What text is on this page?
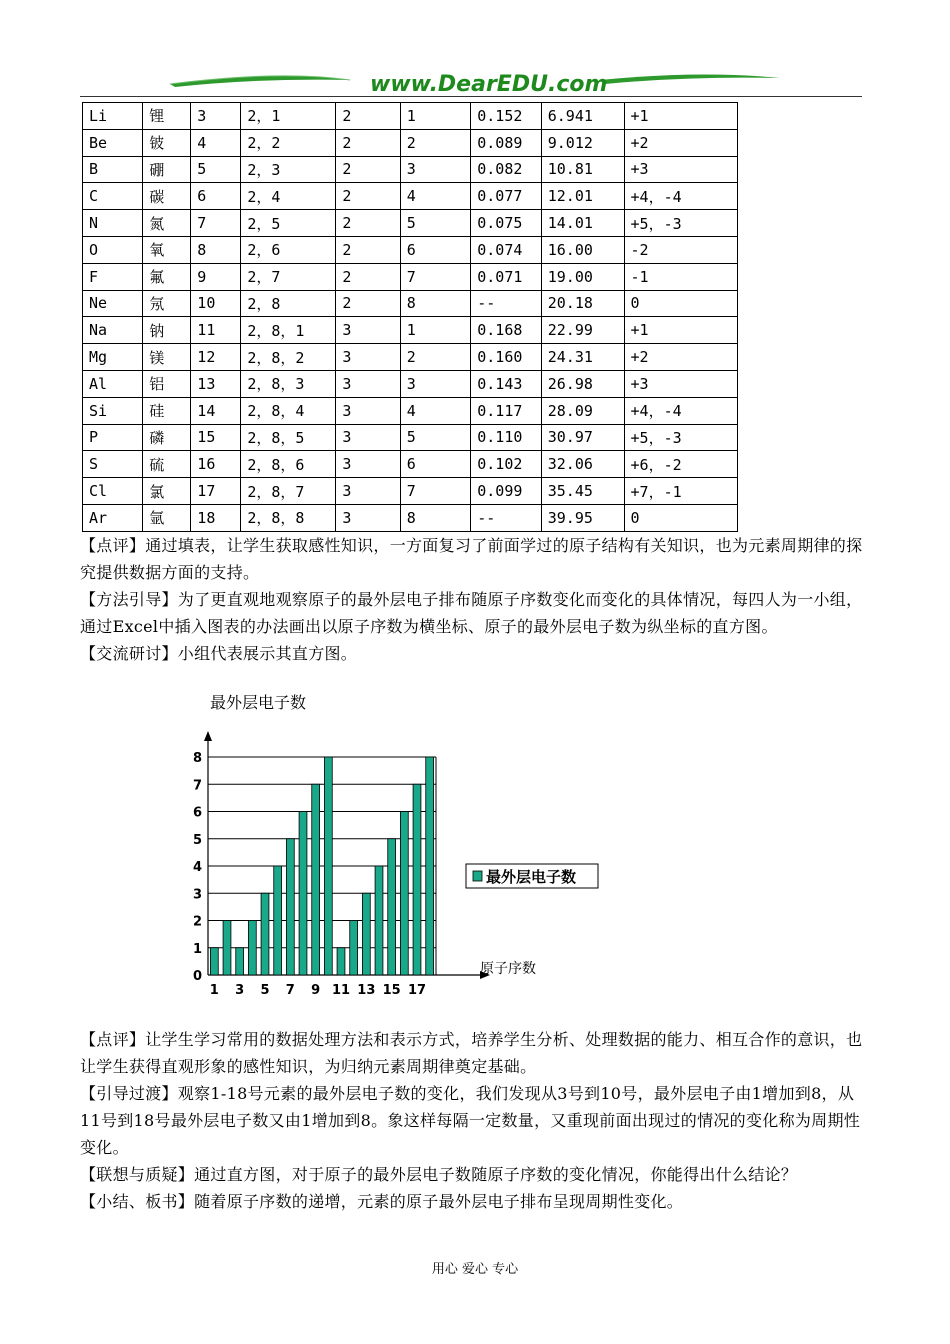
www.DearEDU.com
Li	锂	3	2，1	2	1	0.152	6.941	+1
Be	铍	4	2，2	2	2	0.089	9.012	+2
B	硼	5	2，3	2	3	0.082	10.81	+3
C	碳	6	2，4	2	4	0.077	12.01	+4，-4
N	氮	7	2，5	2	5	0.075	14.01	+5，-3
O	氧	8	2，6	2	6	0.074	16.00	-2
F	氟	9	2，7	2	7	0.071	19.00	-1
Ne	氖	10	2，8	2	8	--	20.18	0
Na	钠	11	2，8，1	3	1	0.168	22.99	+1
Mg	镁	12	2，8，2	3	2	0.160	24.31	+2
Al	铝	13	2，8，3	3	3	0.143	26.98	+3
Si	硅	14	2，8，4	3	4	0.117	28.09	+4，-4
P	磷	15	2，8，5	3	5	0.110	30.97	+5，-3
S	硫	16	2，8，6	3	6	0.102	32.06	+6，-2
Cl	氯	17	2，8，7	3	7	0.099	35.45	+7，-1
Ar	氩	18	2，8，8	3	8	--	39.95	0

【点评】通过填表，让学生获取感性知识，一方面复习了前面学过的原子结构有关知识，也为元素周期律的探究提供数据方面的支持。

【方法引导】为了更直观地观察原子的最外层电子排布随原子序数变化而变化的具体情况，每四人为一小组，通过Excel中插入图表的办法画出以原子序数为横坐标、原子的最外层电子数为纵坐标的直方图。

【交流研讨】小组代表展示其直方图。

最外层电子数
0
1
2
3
4
5
6
7
8
1 3 5 7 9 11 13 15 17
原子序数
最外层电子数

【点评】让学生学习常用的数据处理方法和表示方式，培养学生分析、处理数据的能力、相互合作的意识，也让学生获得直观形象的感性知识，为归纳元素周期律奠定基础。

【引导过渡】观察1-18号元素的最外层电子数的变化，我们发现从3号到10号，最外层电子由1增加到8，从11号到18号最外层电子数又由1增加到8。象这样每隔一定数量，又重现前面出现过的情况的变化称为周期性变化。

【联想与质疑】通过直方图，对于原子的最外层电子数随原子序数的变化情况，你能得出什么结论？

【小结、板书】随着原子序数的递增，元素的原子最外层电子排布呈现周期性变化。

用心 爱心 专心
